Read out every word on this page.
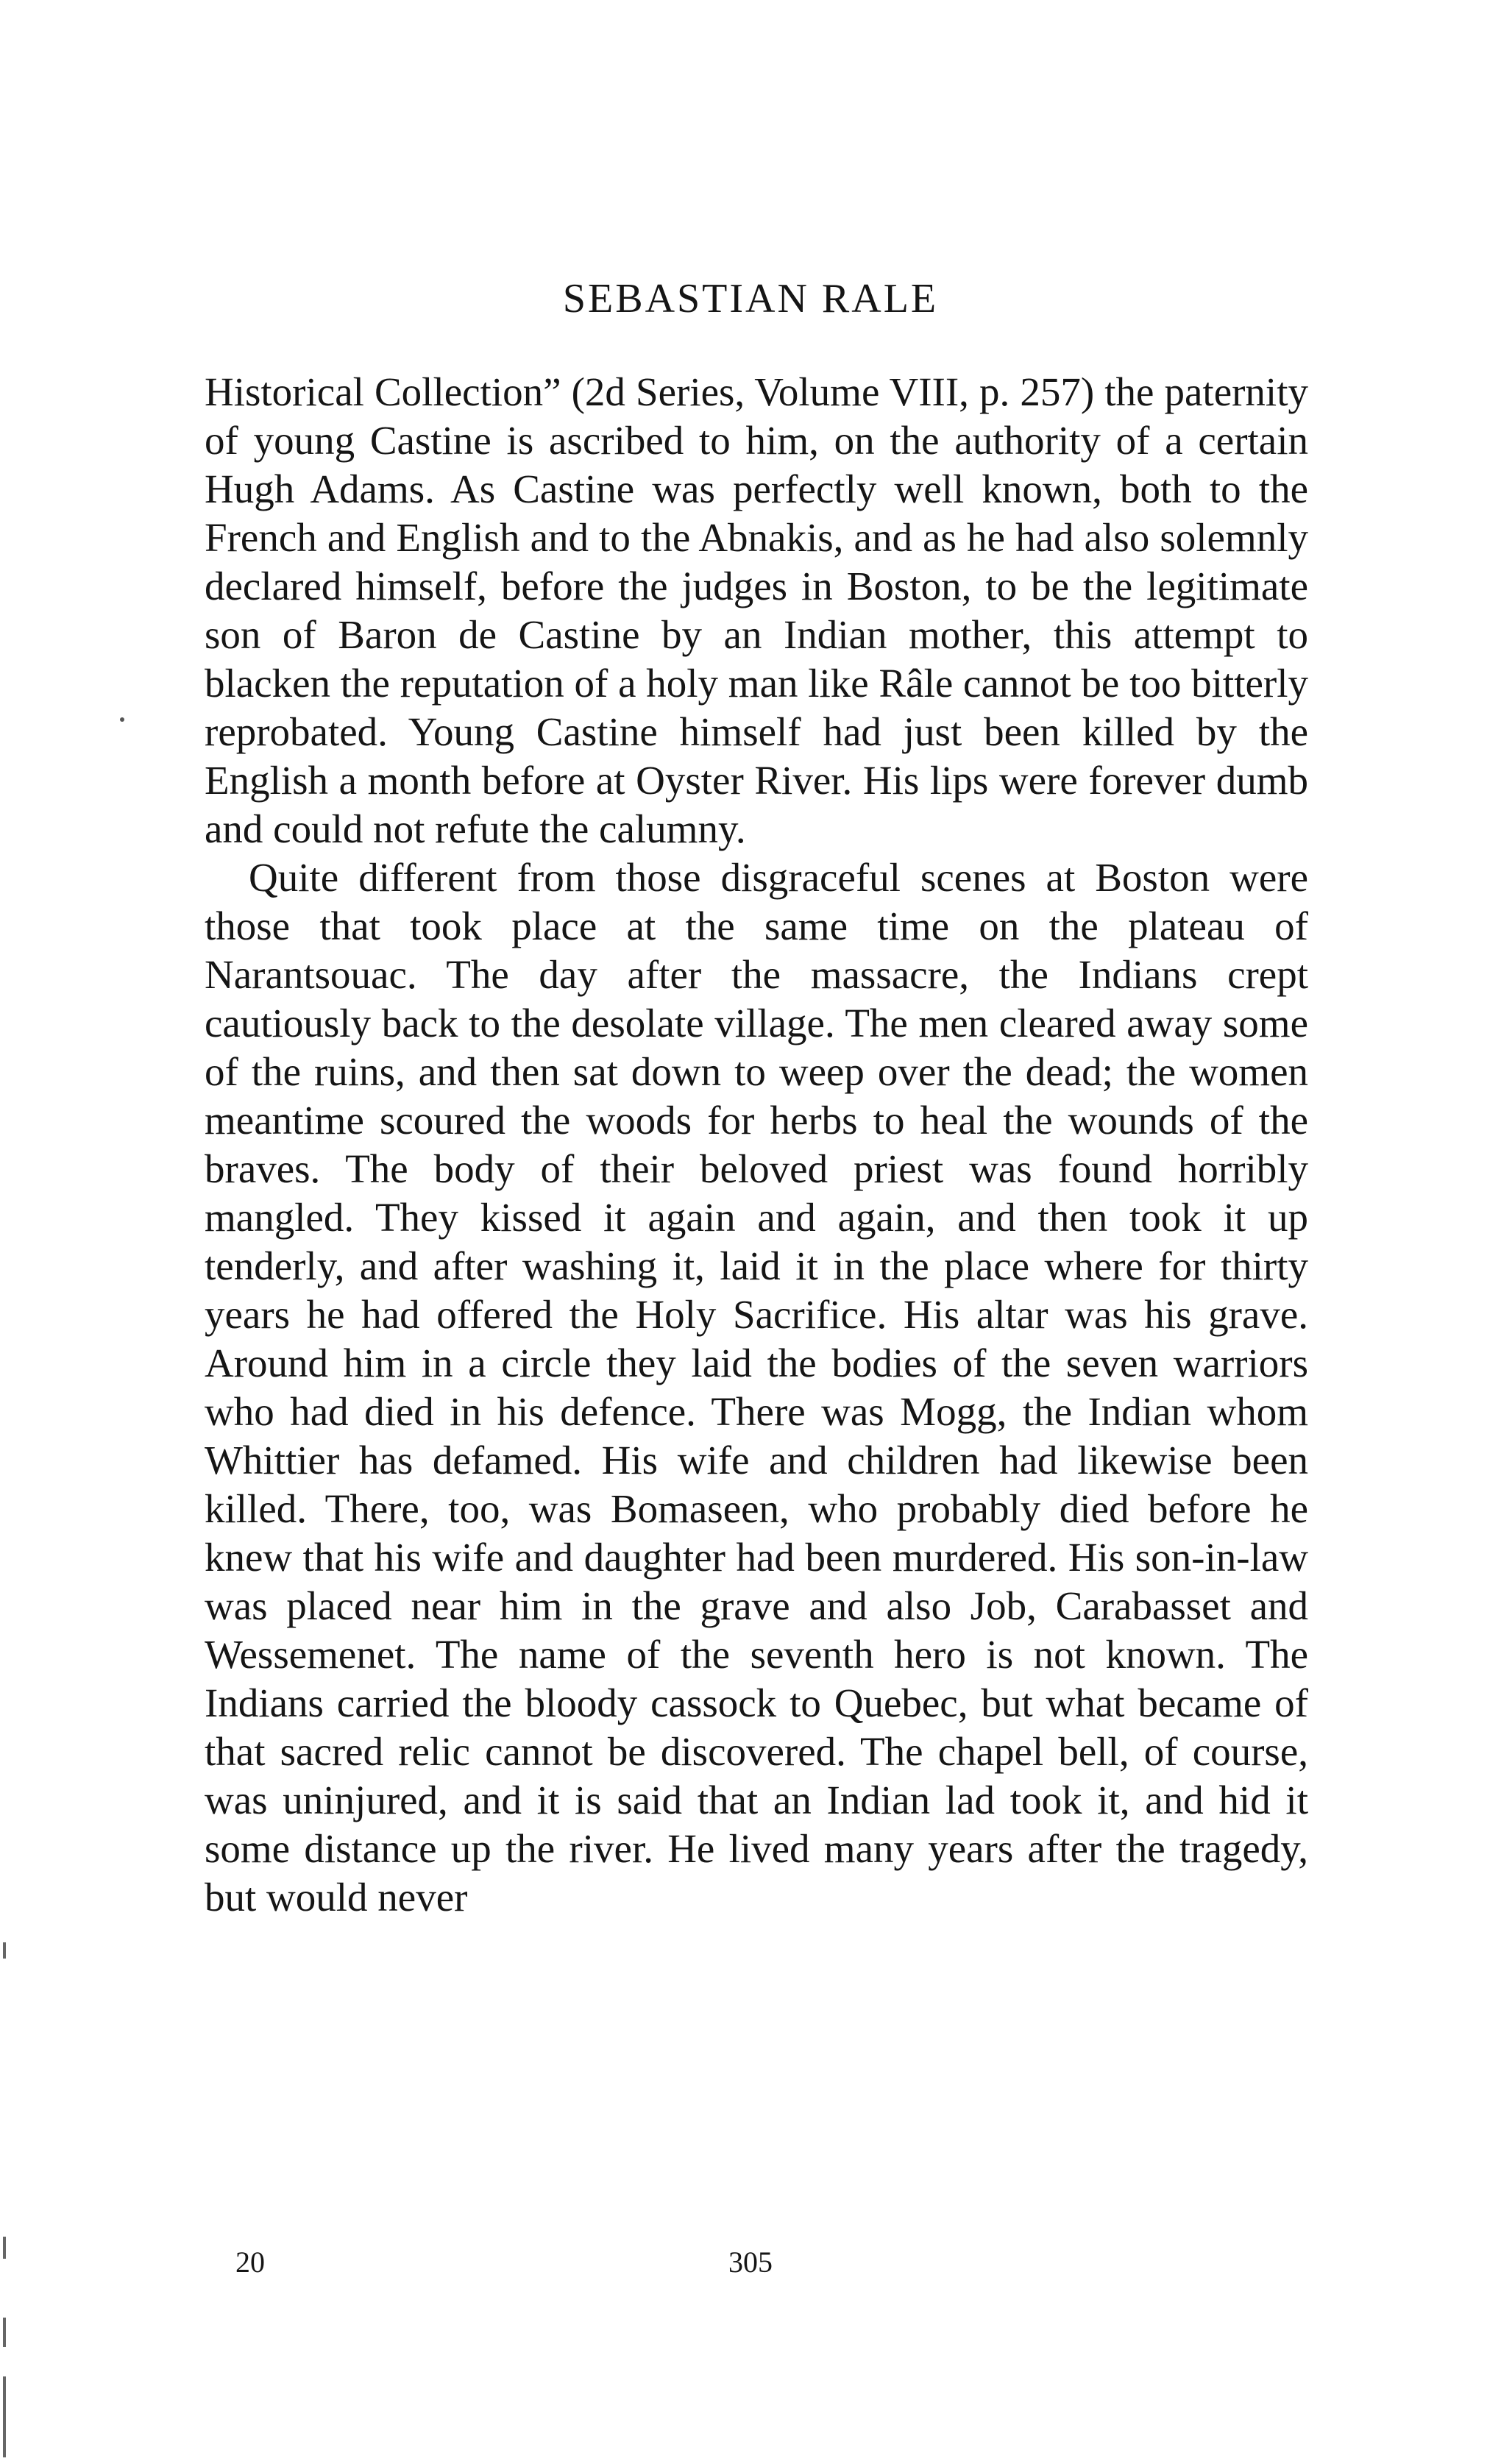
SEBASTIAN RALE

Historical Collection” (2d Series, Volume VIII, p. 257) the paternity of young Castine is ascribed to him, on the authority of a certain Hugh Adams. As Castine was perfectly well known, both to the French and English and to the Abnakis, and as he had also solemnly declared himself, before the judges in Boston, to be the legitimate son of Baron de Castine by an Indian mother, this attempt to blacken the reputation of a holy man like Râle cannot be too bitterly reprobated. Young Castine himself had just been killed by the English a month before at Oyster River. His lips were forever dumb and could not refute the calumny.

Quite different from those disgraceful scenes at Boston were those that took place at the same time on the plateau of Narantsouac. The day after the massacre, the Indians crept cautiously back to the desolate village. The men cleared away some of the ruins, and then sat down to weep over the dead; the women meantime scoured the woods for herbs to heal the wounds of the braves. The body of their beloved priest was found horribly mangled. They kissed it again and again, and then took it up tenderly, and after washing it, laid it in the place where for thirty years he had offered the Holy Sacrifice. His altar was his grave. Around him in a circle they laid the bodies of the seven warriors who had died in his defence. There was Mogg, the Indian whom Whittier has defamed. His wife and children had likewise been killed. There, too, was Bomaseen, who probably died before he knew that his wife and daughter had been murdered. His son-in-law was placed near him in the grave and also Job, Carabasset and Wessemenet. The name of the seventh hero is not known. The Indians carried the bloody cassock to Quebec, but what became of that sacred relic cannot be discovered. The chapel bell, of course, was uninjured, and it is said that an Indian lad took it, and hid it some distance up the river. He lived many years after the tragedy, but would never

20	305
